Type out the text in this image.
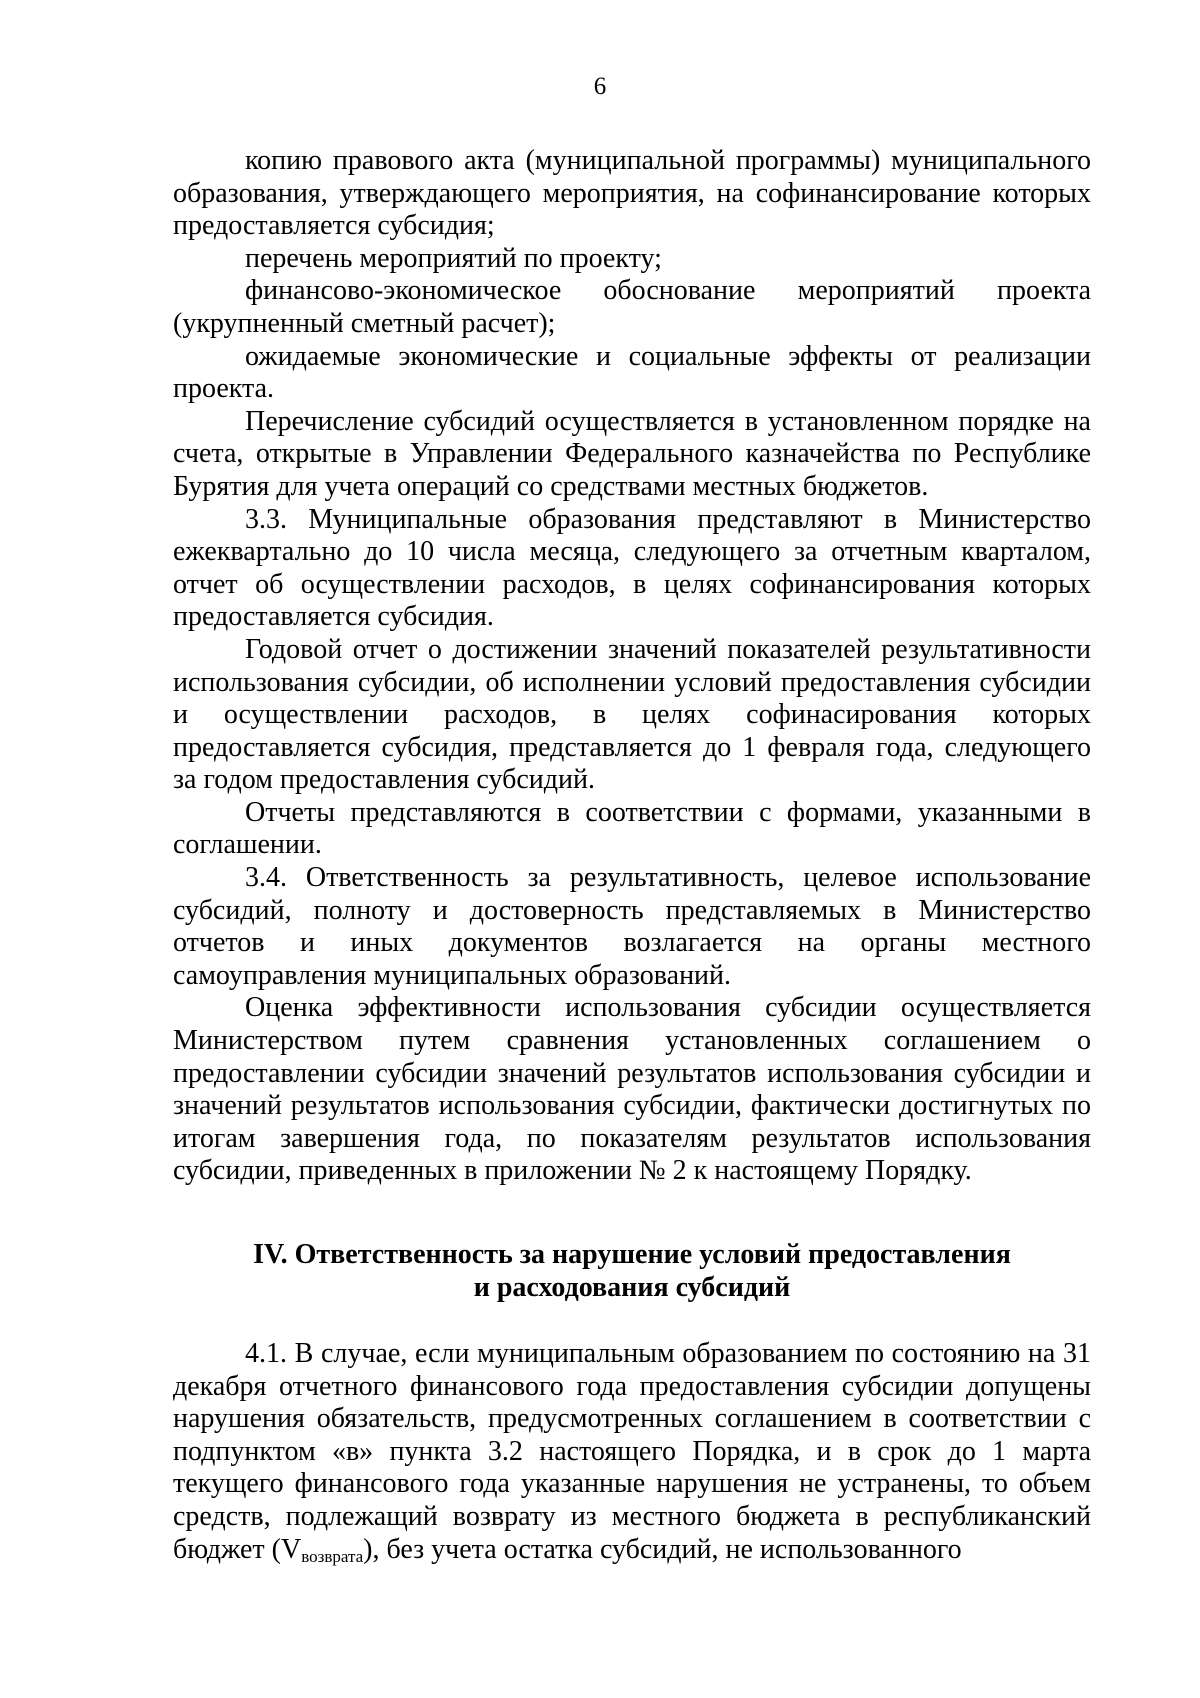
6

копию правового акта (муниципальной программы) муниципального образования, утверждающего мероприятия, на софинансирование которых предоставляется субсидия;

перечень мероприятий по проекту;

финансово-экономическое обоснование мероприятий проекта (укрупненный сметный расчет);

ожидаемые экономические и социальные эффекты от реализации проекта.

Перечисление субсидий осуществляется в установленном порядке на счета, открытые в Управлении Федерального казначейства по Республике Бурятия для учета операций со средствами местных бюджетов.

3.3. Муниципальные образования представляют в Министерство ежеквартально до 10 числа месяца, следующего за отчетным кварталом, отчет об осуществлении расходов, в целях софинансирования которых предоставляется субсидия.

Годовой отчет о достижении значений показателей результативности использования субсидии, об исполнении условий предоставления субсидии и осуществлении расходов, в целях софинасирования которых предоставляется субсидия, представляется до 1 февраля года, следующего за годом предоставления субсидий.

Отчеты представляются в соответствии с формами, указанными в соглашении.

3.4. Ответственность за результативность, целевое использование субсидий, полноту и достоверность представляемых в Министерство отчетов и иных документов возлагается на органы местного самоуправления муниципальных образований.

Оценка эффективности использования субсидии осуществляется Министерством путем сравнения установленных соглашением о предоставлении субсидии значений результатов использования субсидии и значений результатов использования субсидии, фактически достигнутых по итогам завершения года, по показателям результатов использования субсидии, приведенных в приложении № 2 к настоящему Порядку.

IV. Ответственность за нарушение условий предоставления
и расходования субсидий

4.1. В случае, если муниципальным образованием по состоянию на 31 декабря отчетного финансового года предоставления субсидии допущены нарушения обязательств, предусмотренных соглашением в соответствии с подпунктом «в» пункта 3.2 настоящего Порядка, и в срок до 1 марта текущего финансового года указанные нарушения не устранены, то объем средств, подлежащий возврату из местного бюджета в республиканский бюджет $(V_{возврата})$, без учета остатка субсидий, не использованного
